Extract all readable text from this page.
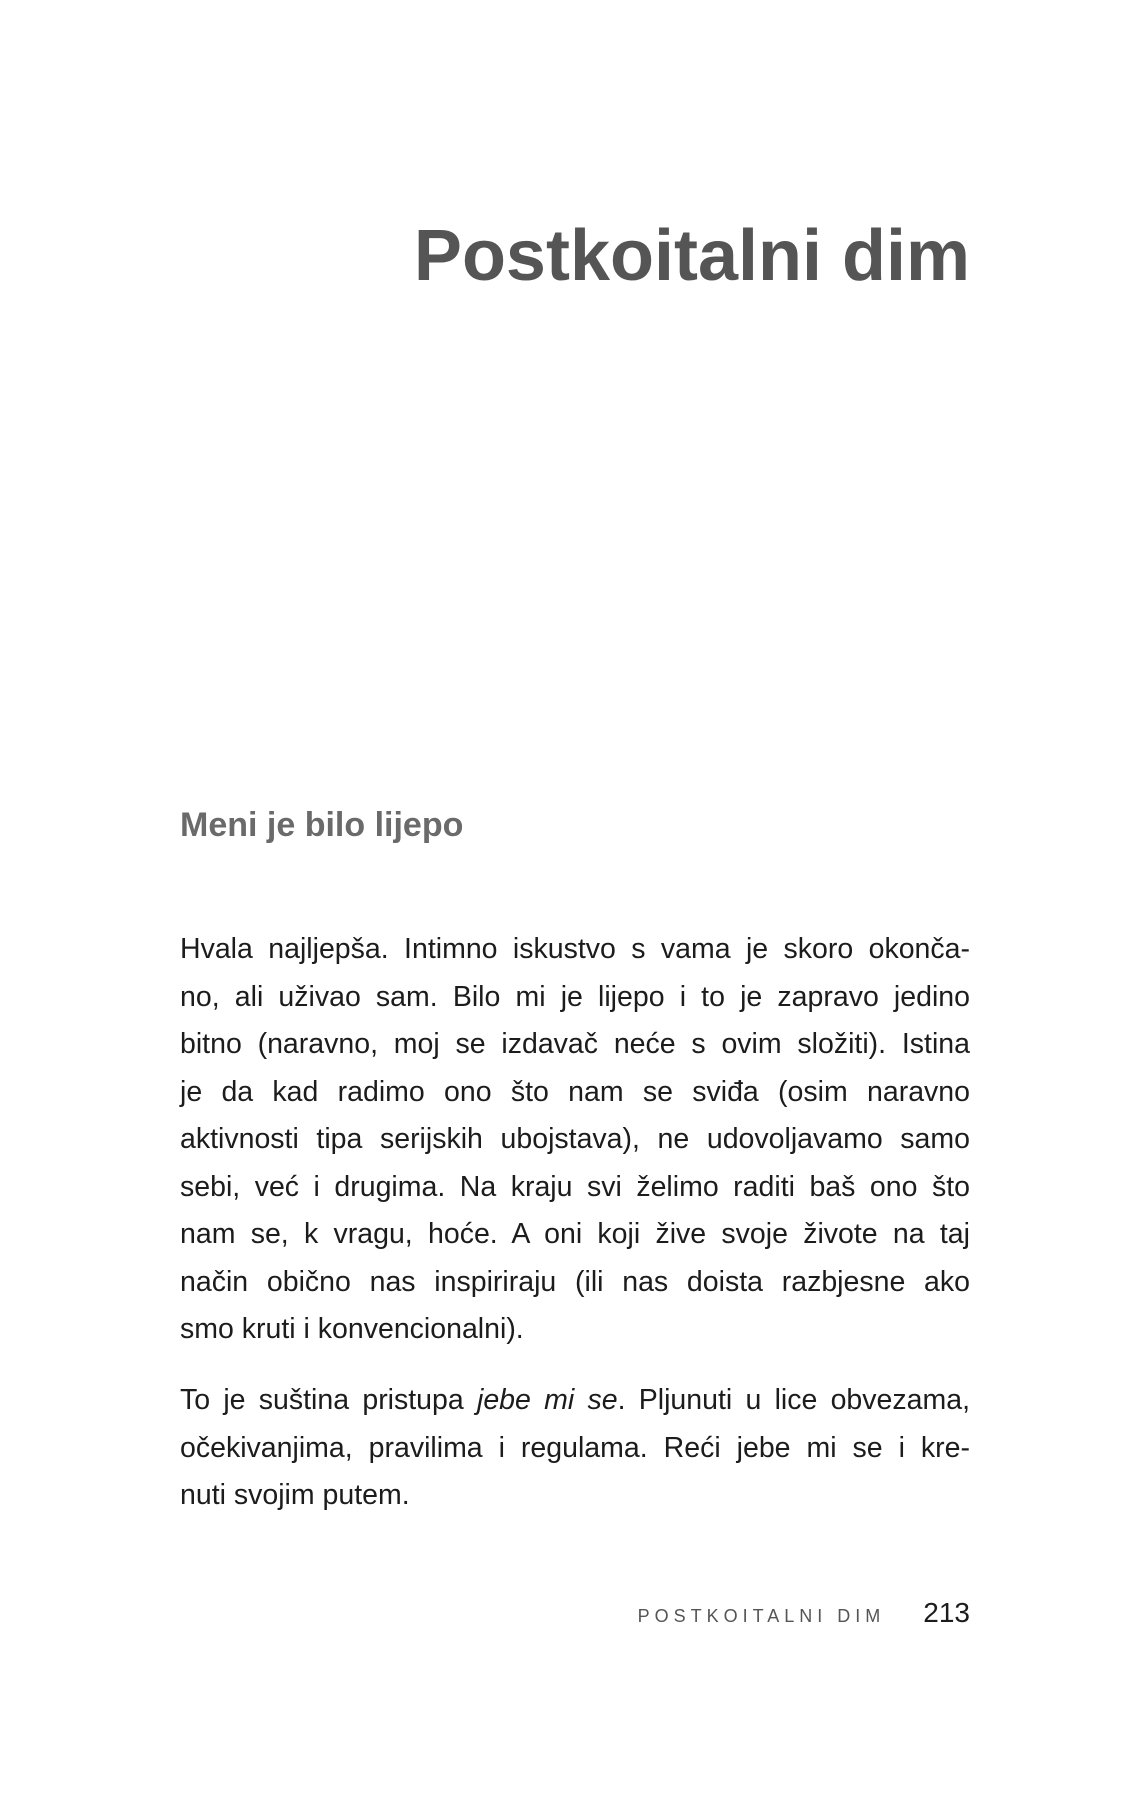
Postkoitalni dim
Meni je bilo lijepo

Hvala najljepša. Intimno iskustvo s vama je skoro okonča-
no, ali uživao sam. Bilo mi je lijepo i to je zapravo jedino
bitno (naravno, moj se izdavač neće s ovim složiti). Istina
je da kad radimo ono što nam se sviđa (osim naravno
aktivnosti tipa serijskih ubojstava), ne udovoljavamo samo
sebi, već i drugima. Na kraju svi želimo raditi baš ono što
nam se, k vragu, hoće. A oni koji žive svoje živote na taj
način obično nas inspiriraju (ili nas doista razbjesne ako
smo kruti i konvencionalni).

To je suština pristupa jebe mi se. Pljunuti u lice obvezama,
očekivanjima, pravilima i regulama. Reći jebe mi se i kre-
nuti svojim putem.

POSTKOITALNI DIM 213
